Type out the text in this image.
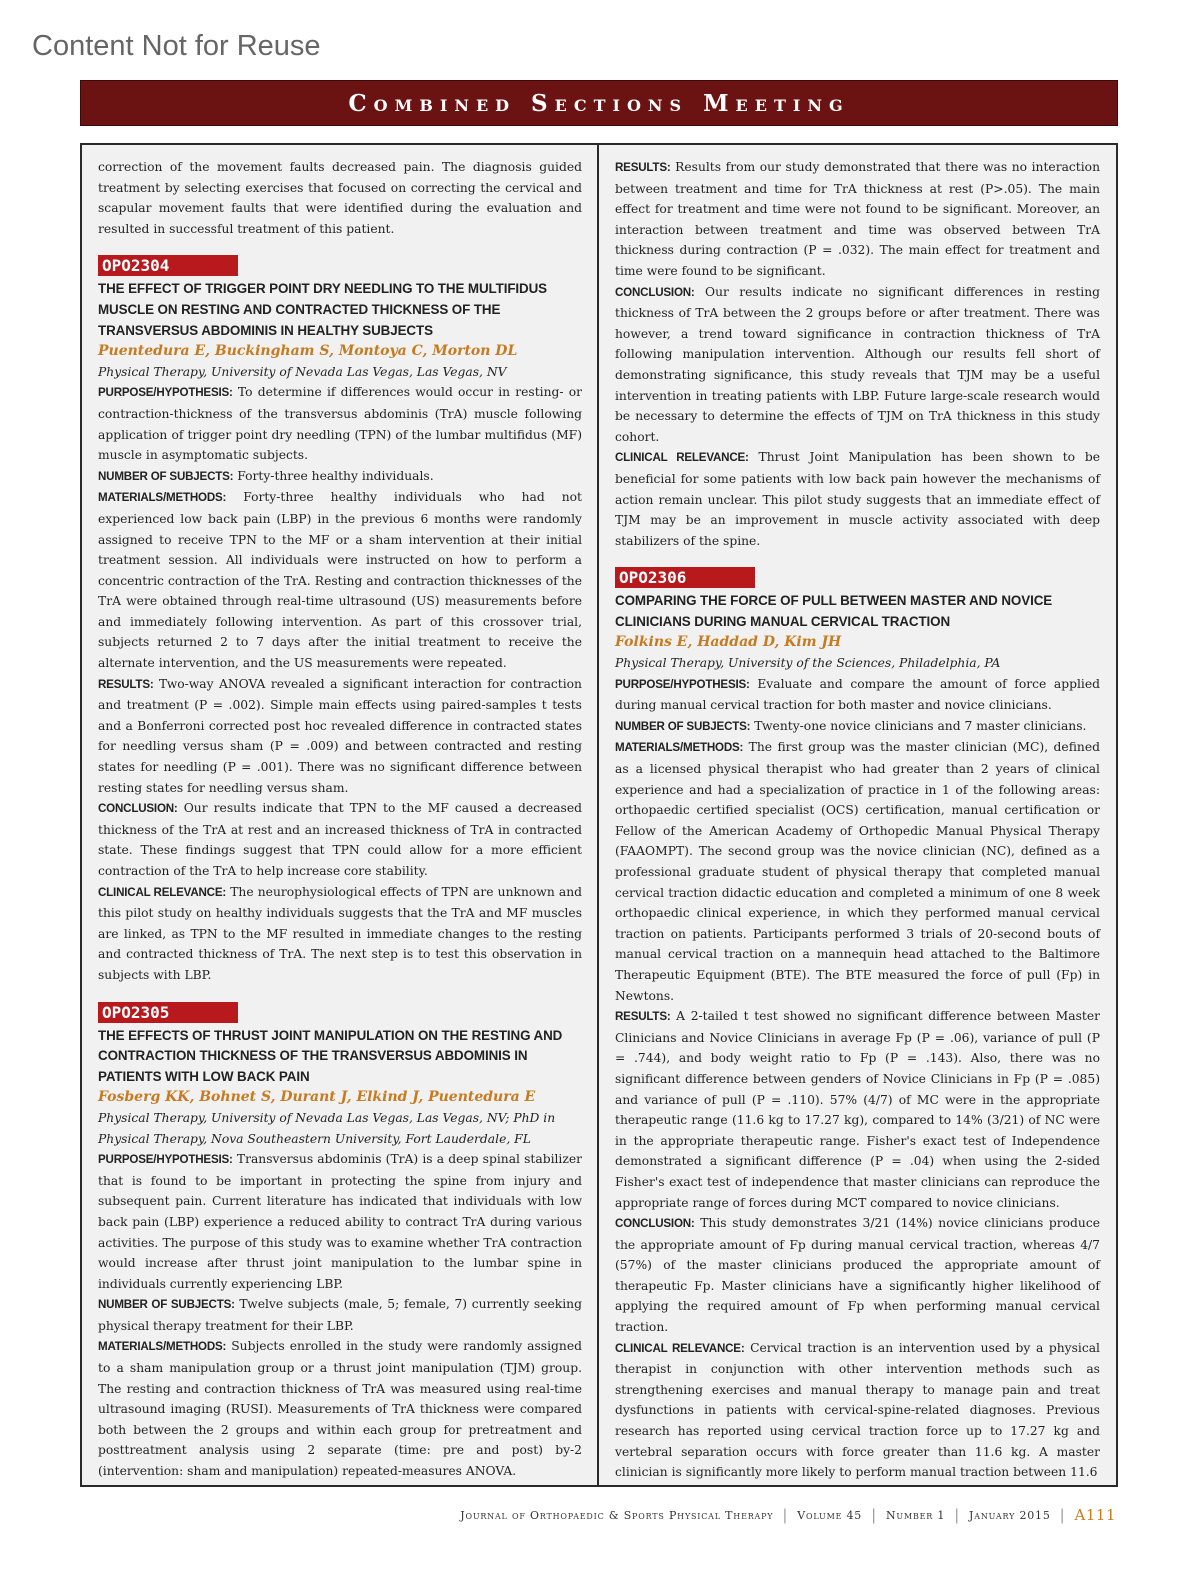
Content Not for Reuse
Combined Sections Meeting

correction of the movement faults decreased pain. The diagnosis guided treatment by selecting exercises that focused on correcting the cervical and scapular movement faults that were identified during the evaluation and resulted in successful treatment of this patient.

OPO2304
THE EFFECT OF TRIGGER POINT DRY NEEDLING TO THE MULTIFIDUS MUSCLE ON RESTING AND CONTRACTED THICKNESS OF THE TRANSVERSUS ABDOMINIS IN HEALTHY SUBJECTS
Puentedura E, Buckingham S, Montoya C, Morton DL
Physical Therapy, University of Nevada Las Vegas, Las Vegas, NV

PURPOSE/HYPOTHESIS: To determine if differences would occur in resting- or contraction-thickness of the transversus abdominis (TrA) muscle following application of trigger point dry needling (TPN) of the lumbar multifidus (MF) muscle in asymptomatic subjects.

NUMBER OF SUBJECTS: Forty-three healthy individuals.

MATERIALS/METHODS: Forty-three healthy individuals who had not experienced low back pain (LBP) in the previous 6 months were randomly assigned to receive TPN to the MF or a sham intervention at their initial treatment session. All individuals were instructed on how to perform a concentric contraction of the TrA. Resting and contraction thicknesses of the TrA were obtained through real-time ultrasound (US) measurements before and immediately following intervention. As part of this crossover trial, subjects returned 2 to 7 days after the initial treatment to receive the alternate intervention, and the US measurements were repeated.

RESULTS: Two-way ANOVA revealed a significant interaction for contraction and treatment (P = .002). Simple main effects using paired-samples t tests and a Bonferroni corrected post hoc revealed difference in contracted states for needling versus sham (P = .009) and between contracted and resting states for needling (P = .001). There was no significant difference between resting states for needling versus sham.

CONCLUSION: Our results indicate that TPN to the MF caused a decreased thickness of the TrA at rest and an increased thickness of TrA in contracted state. These findings suggest that TPN could allow for a more efficient contraction of the TrA to help increase core stability.

CLINICAL RELEVANCE: The neurophysiological effects of TPN are unknown and this pilot study on healthy individuals suggests that the TrA and MF muscles are linked, as TPN to the MF resulted in immediate changes to the resting and contracted thickness of TrA. The next step is to test this observation in subjects with LBP.

OPO2305
THE EFFECTS OF THRUST JOINT MANIPULATION ON THE RESTING AND CONTRACTION THICKNESS OF THE TRANSVERSUS ABDOMINIS IN PATIENTS WITH LOW BACK PAIN
Fosberg KK, Bohnet S, Durant J, Elkind J, Puentedura E
Physical Therapy, University of Nevada Las Vegas, Las Vegas, NV; PhD in Physical Therapy, Nova Southeastern University, Fort Lauderdale, FL

PURPOSE/HYPOTHESIS: Transversus abdominis (TrA) is a deep spinal stabilizer that is found to be important in protecting the spine from injury and subsequent pain. Current literature has indicated that individuals with low back pain (LBP) experience a reduced ability to contract TrA during various activities. The purpose of this study was to examine whether TrA contraction would increase after thrust joint manipulation to the lumbar spine in individuals currently experiencing LBP.

NUMBER OF SUBJECTS: Twelve subjects (male, 5; female, 7) currently seeking physical therapy treatment for their LBP.

MATERIALS/METHODS: Subjects enrolled in the study were randomly assigned to a sham manipulation group or a thrust joint manipulation (TJM) group. The resting and contraction thickness of TrA was measured using real-time ultrasound imaging (RUSI). Measurements of TrA thickness were compared both between the 2 groups and within each group for pretreatment and posttreatment analysis using 2 separate (time: pre and post) by-2 (intervention: sham and manipulation) repeated-measures ANOVA.

RESULTS: Results from our study demonstrated that there was no interaction between treatment and time for TrA thickness at rest (P>.05). The main effect for treatment and time were not found to be significant. Moreover, an interaction between treatment and time was observed between TrA thickness during contraction (P = .032). The main effect for treatment and time were found to be significant.

CONCLUSION: Our results indicate no significant differences in resting thickness of TrA between the 2 groups before or after treatment. There was however, a trend toward significance in contraction thickness of TrA following manipulation intervention. Although our results fell short of demonstrating significance, this study reveals that TJM may be a useful intervention in treating patients with LBP. Future large-scale research would be necessary to determine the effects of TJM on TrA thickness in this study cohort.

CLINICAL RELEVANCE: Thrust Joint Manipulation has been shown to be beneficial for some patients with low back pain however the mechanisms of action remain unclear. This pilot study suggests that an immediate effect of TJM may be an improvement in muscle activity associated with deep stabilizers of the spine.

OPO2306
COMPARING THE FORCE OF PULL BETWEEN MASTER AND NOVICE CLINICIANS DURING MANUAL CERVICAL TRACTION
Folkins E, Haddad D, Kim JH
Physical Therapy, University of the Sciences, Philadelphia, PA

PURPOSE/HYPOTHESIS: Evaluate and compare the amount of force applied during manual cervical traction for both master and novice clinicians.

NUMBER OF SUBJECTS: Twenty-one novice clinicians and 7 master clinicians.

MATERIALS/METHODS: The first group was the master clinician (MC), defined as a licensed physical therapist who had greater than 2 years of clinical experience and had a specialization of practice in 1 of the following areas: orthopaedic certified specialist (OCS) certification, manual certification or Fellow of the American Academy of Orthopedic Manual Physical Therapy (FAAOMPT). The second group was the novice clinician (NC), defined as a professional graduate student of physical therapy that completed manual cervical traction didactic education and completed a minimum of one 8 week orthopaedic clinical experience, in which they performed manual cervical traction on patients. Participants performed 3 trials of 20-second bouts of manual cervical traction on a mannequin head attached to the Baltimore Therapeutic Equipment (BTE). The BTE measured the force of pull (Fp) in Newtons.

RESULTS: A 2-tailed t test showed no significant difference between Master Clinicians and Novice Clinicians in average Fp (P = .06), variance of pull (P = .744), and body weight ratio to Fp (P = .143). Also, there was no significant difference between genders of Novice Clinicians in Fp (P = .085) and variance of pull (P = .110). 57% (4/7) of MC were in the appropriate therapeutic range (11.6 kg to 17.27 kg), compared to 14% (3/21) of NC were in the appropriate therapeutic range. Fisher's exact test of Independence demonstrated a significant difference (P = .04) when using the 2-sided Fisher's exact test of independence that master clinicians can reproduce the appropriate range of forces during MCT compared to novice clinicians.

CONCLUSION: This study demonstrates 3/21 (14%) novice clinicians produce the appropriate amount of Fp during manual cervical traction, whereas 4/7 (57%) of the master clinicians produced the appropriate amount of therapeutic Fp. Master clinicians have a significantly higher likelihood of applying the required amount of Fp when performing manual cervical traction.

CLINICAL RELEVANCE: Cervical traction is an intervention used by a physical therapist in conjunction with other intervention methods such as strengthening exercises and manual therapy to manage pain and treat dysfunctions in patients with cervical-spine-related diagnoses. Previous research has reported using cervical traction force up to 17.27 kg and vertebral separation occurs with force greater than 11.6 kg. A master clinician is significantly more likely to perform manual traction between 11.6

Journal of Orthopaedic & Sports Physical Therapy | Volume 45 | Number 1 | January 2015 | A111
